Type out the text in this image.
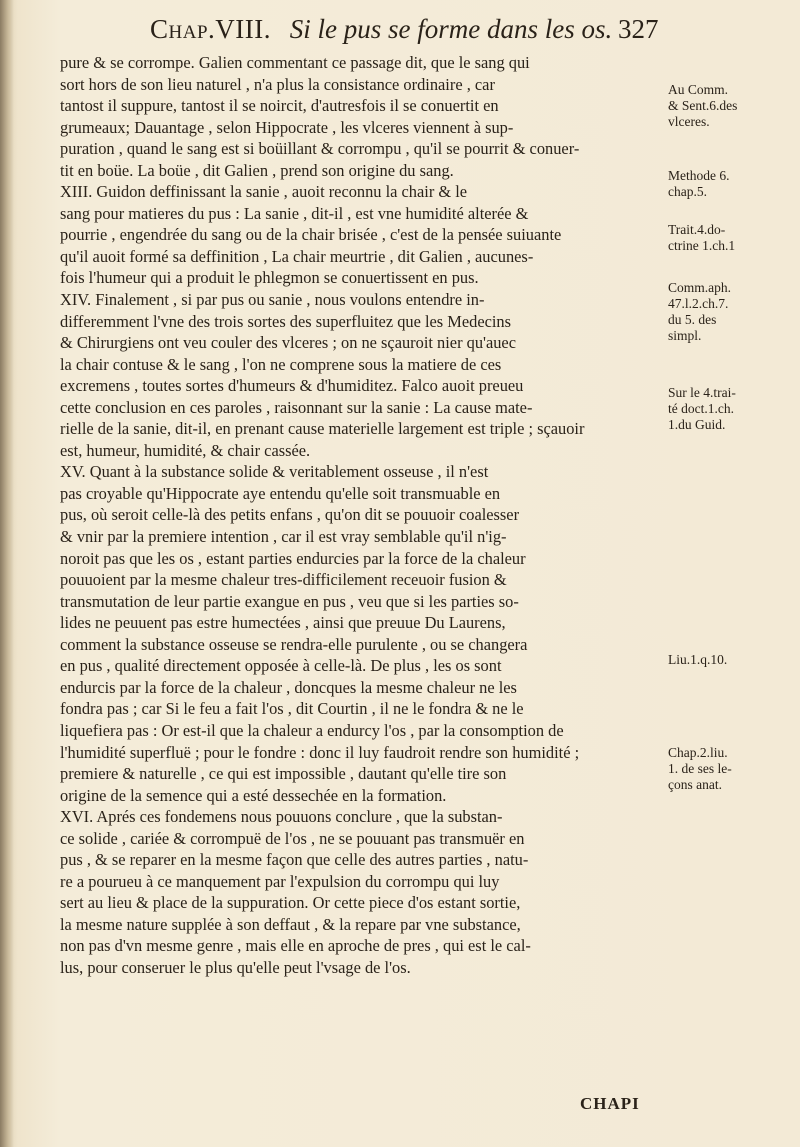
Chap.VIII. Si le pus se forme dans les os. 327
pure & se corrompe. Galien commentant ce passage dit, que le sang qui
sort hors de son lieu naturel , n'a plus la consistance ordinaire , car
tantost il suppure, tantost il se noircit, d'autresfois il se conuertit en
grumeaux; Dauantage , selon Hippocrate , les vlceres viennent à sup-
puration , quand le sang est si boüillant & corrompu , qu'il se pourrit & conuer-
tit en boüe. La boüe , dit Galien , prend son origine du sang.
XIII. Guidon deffinissant la sanie , auoit reconnu la chair & le
sang pour matieres du pus : La sanie , dit-il , est vne humidité alterée &
pourrie , engendrée du sang ou de la chair brisée , c'est de la pensée suiuante
qu'il auoit formé sa deffinition , La chair meurtrie , dit Galien , aucunes-
fois l'humeur qui a produit le phlegmon se conuertissent en pus.
XIV. Finalement , si par pus ou sanie , nous voulons entendre in-
differemment l'vne des trois sortes des superfluitez que les Medecins
& Chirurgiens ont veu couler des vlceres ; on ne sçauroit nier qu'auec
la chair contuse & le sang , l'on ne comprene sous la matiere de ces
excremens , toutes sortes d'humeurs & d'humiditez. Falco auoit preueu
cette conclusion en ces paroles , raisonnant sur la sanie : La cause mate-
rielle de la sanie, dit-il, en prenant cause materielle largement est triple ; sçauoir
est, humeur, humidité, & chair cassée.
XV. Quant à la substance solide & veritablement osseuse , il n'est
pas croyable qu'Hippocrate aye entendu qu'elle soit transmuable en
pus, où seroit celle-là des petits enfans , qu'on dit se pouuoir coalesser
& vnir par la premiere intention , car il est vray semblable qu'il n'ig-
noroit pas que les os , estant parties endurcies par la force de la chaleur
pouuoient par la mesme chaleur tres-difficilement receuoir fusion &
transmutation de leur partie exangue en pus , veu que si les parties so-
lides ne peuuent pas estre humectées , ainsi que preuue Du Laurens,
comment la substance osseuse se rendra-elle purulente , ou se changera
en pus , qualité directement opposée à celle-là. De plus , les os sont
endurcis par la force de la chaleur , doncques la mesme chaleur ne les
fondra pas ; car Si le feu a fait l'os , dit Courtin , il ne le fondra & ne le
liquefiera pas : Or est-il que la chaleur a endurcy l'os , par la consomption de
l'humidité superfluë ; pour le fondre : donc il luy faudroit rendre son humidité ;
premiere & naturelle , ce qui est impossible , dautant qu'elle tire son
origine de la semence qui a esté dessechée en la formation.
XVI. Aprés ces fondemens nous pouuons conclure , que la substan-
ce solide , cariée & corrompuë de l'os , ne se pouuant pas transmuër en
pus , & se reparer en la mesme façon que celle des autres parties , natu-
re a pourueu à ce manquement par l'expulsion du corrompu qui luy
sert au lieu & place de la suppuration. Or cette piece d'os estant sortie,
la mesme nature supplée à son deffaut , & la repare par vne substance,
non pas d'vn mesme genre , mais elle en aproche de pres , qui est le cal-
lus, pour conseruer le plus qu'elle peut l'vsage de l'os.
Au Comm.
& Sent.6.des
vlceres.
Methode 6.
chap.5.
Trait.4.do-
ctrine 1.ch.1
Comm.aph.
47.l.2.ch.7.
du 5. des
simpl.
Sur le 4.trai-
té doct.1.ch.
1.du Guid.
Liu.1.q.10.
Chap.2.liu.
1. de ses le-
çons anat.
CHAPI
